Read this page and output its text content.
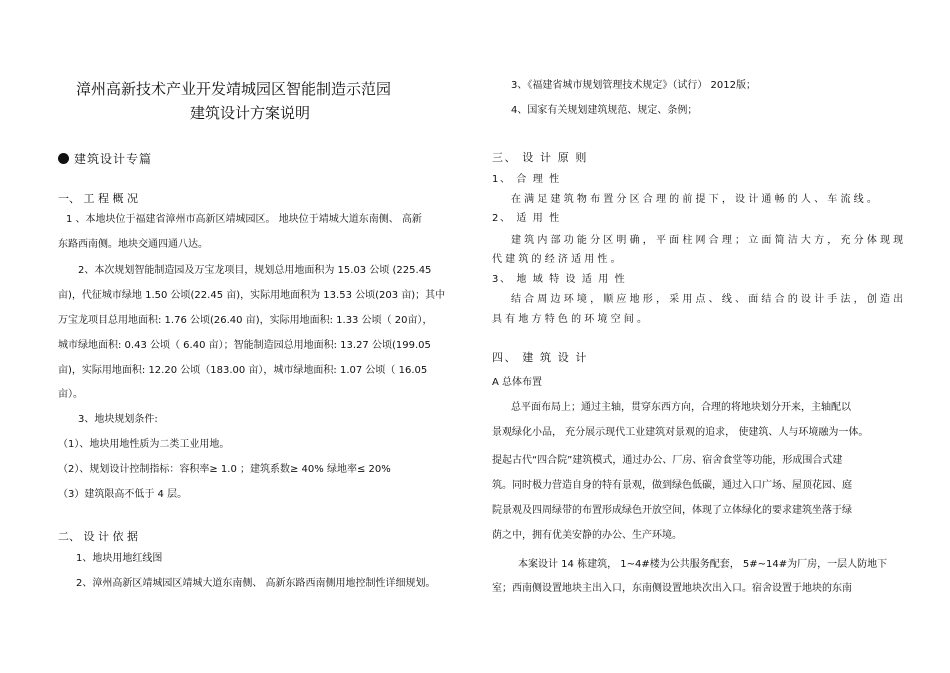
漳州高新技术产业开发靖城园区智能制造示范园
建筑设计方案说明
建筑设计专篇
一、 工 程 概 况
1 、本地块位于福建省漳州市高新区靖城园区。 地块位于靖城大道东南侧、 高新
东路西南侧。地块交通四通八达。
2、本次规划智能制造园及万宝龙项目，规划总用地面积为 15.03 公顷 (225.45
亩)，代征城市绿地 1.50 公顷(22.45 亩)，实际用地面积为 13.53 公顷(203 亩)；其中
万宝龙项目总用地面积: 1.76 公顷(26.40 亩)，实际用地面积: 1.33 公顷（ 20亩），
城市绿地面积: 0.43 公顷（ 6.40 亩）；智能制造园总用地面积: 13.27 公顷(199.05
亩)，实际用地面积: 12.20 公顷（183.00 亩），城市绿地面积: 1.07 公顷（ 16.05
亩）。
3、地块规划条件:
（1）、地块用地性质为二类工业用地。
（2）、规划设计控制指标：容积率≥ 1.0 ；建筑系数≥ 40% 绿地率≤ 20%
（3）建筑限高不低于 4 层。
二、 设 计 依 据
1、地块用地红线图
2、漳州高新区靖城园区靖城大道东南侧、 高新东路西南侧用地控制性详细规划。
3、《福建省城市规划管理技术规定》（试行） 2012版；
4、国家有关规划建筑规范、规定、条例；
三、 设 计 原 则
1、 合 理 性
在 满 足 建 筑 物 布 置 分 区 合 理 的 前 提 下 ， 设 计 通 畅 的 人 、 车 流 线 。
2、 适 用 性
建 筑 内 部 功 能 分 区 明 确 ， 平 面 柱 网 合 理 ； 立 面 简 洁 大 方 ， 充 分 体 现 现
代 建 筑 的 经 济 适 用 性 。
3、 地 域 特 设 适 用 性
结 合 周 边 环 境 ， 顺 应 地 形 ， 采 用 点 、 线 、 面 结 合 的 设 计 手 法 ， 创 造 出
具 有 地 方 特 色 的 环 境 空 间 。
四、 建 筑 设 计
A 总体布置
总平面布局上；通过主轴，贯穿东西方向，合理的将地块划分开来，主轴配以
景观绿化小品， 充分展示现代工业建筑对景观的追求， 使建筑、人与环境融为一体。
提起古代“四合院”建筑模式，通过办公、厂房、宿舍食堂等功能，形成围合式建
筑。同时极力营造自身的特有景观，做到绿色低碳，通过入口广场、屋顶花园、庭
院景观及四周绿带的布置形成绿色开放空间，体现了立体绿化的要求建筑坐落于绿
荫之中，拥有优美安静的办公、生产环境。
本案设计 14 栋建筑， 1~4#楼为公共服务配套， 5#~14#为厂房，一层人防地下
室；西南侧设置地块主出入口，东南侧设置地块次出入口。宿舍设置于地块的东南
